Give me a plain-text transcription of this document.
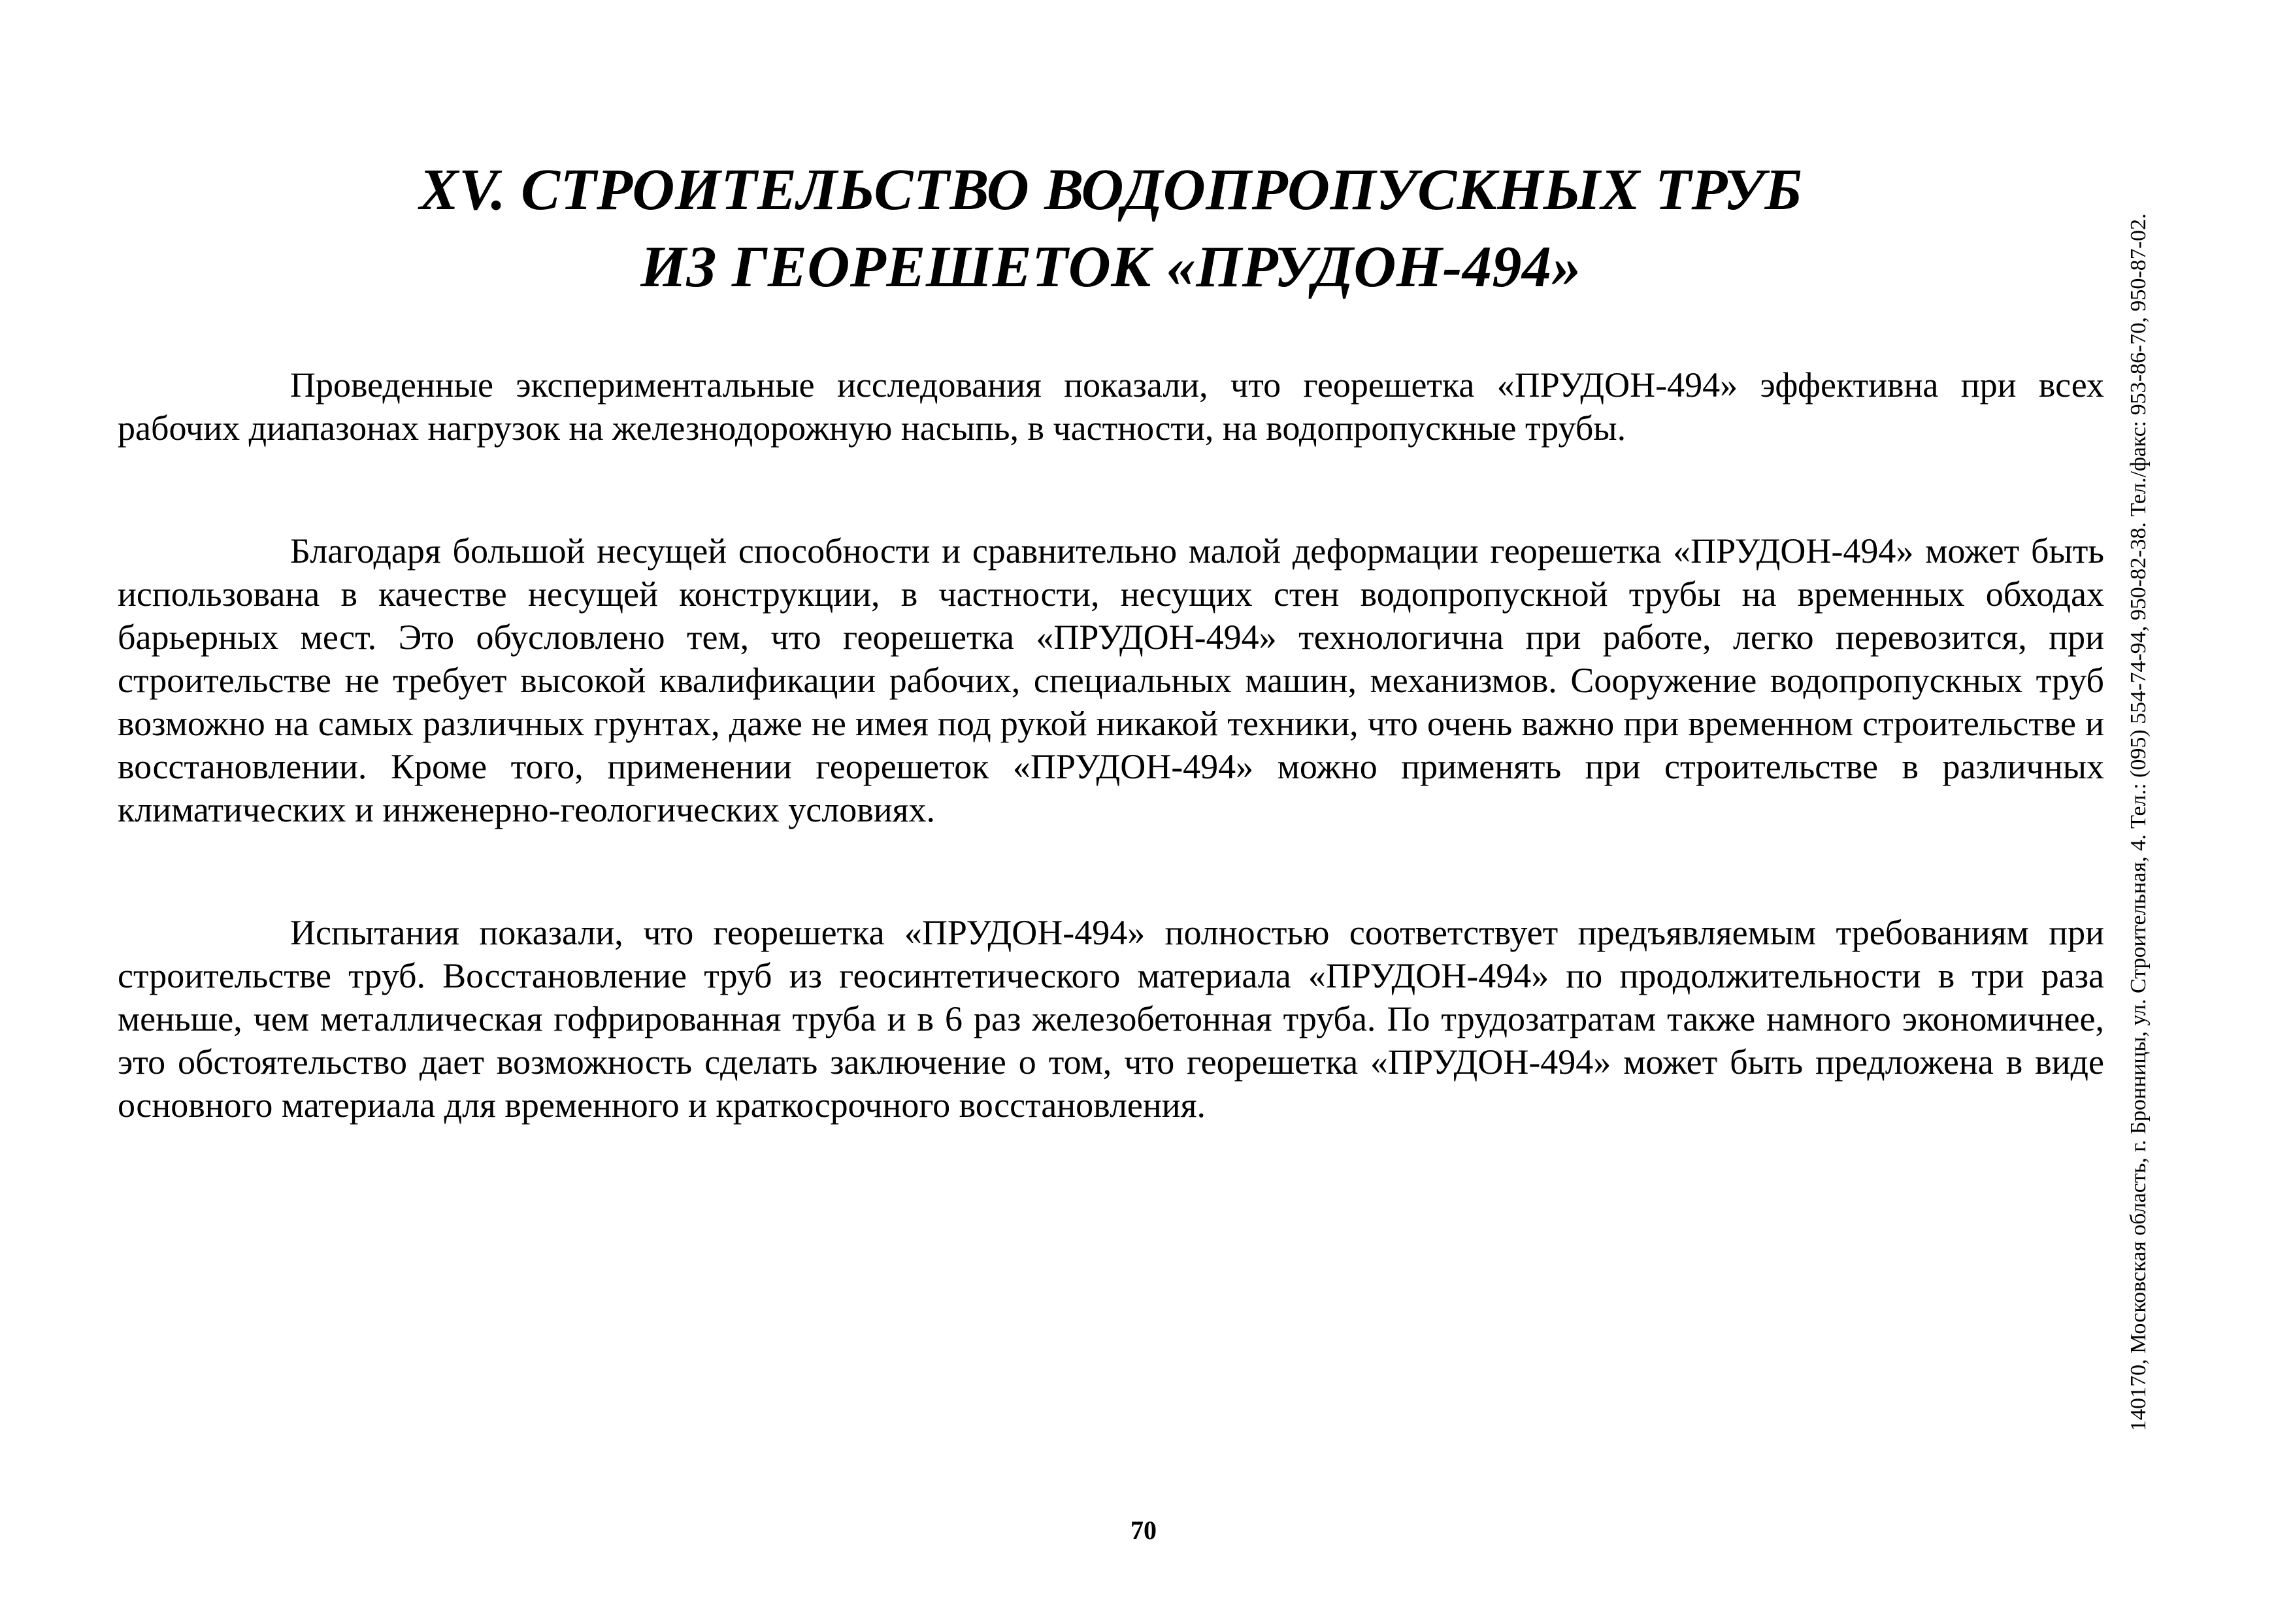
XV. СТРОИТЕЛЬСТВО ВОДОПРОПУСКНЫХ ТРУБ
ИЗ ГЕОРЕШЕТОК «ПРУДОН-494»

Проведенные экспериментальные исследования показали, что георешетка «ПРУДОН-494» эффективна при всех рабочих диапазонах нагрузок на железнодорожную насыпь, в частности, на водопропускные трубы.

Благодаря большой несущей способности и сравнительно малой деформации георешетка «ПРУДОН-494» может быть использована в качестве несущей конструкции, в частности, несущих стен водопропускной трубы на временных обходах барьерных мест. Это обусловлено тем, что георешетка «ПРУДОН-494» технологична при работе, легко перевозится, при строительстве не требует высокой квалификации рабочих, специальных машин, механизмов. Сооружение водопропускных труб возможно на самых различных грунтах, даже не имея под рукой никакой техники, что очень важно при временном строительстве и восстановлении. Кроме того, применении георешеток «ПРУДОН-494» можно применять при строительстве в различных климатических и инженерно-геологических условиях.

Испытания показали, что георешетка «ПРУДОН-494» полностью соответствует предъявляемым требованиям при строительстве труб. Восстановление труб из геосинтетического материала «ПРУДОН-494» по продолжительности в три раза меньше, чем металлическая гофрированная труба и в 6 раз железобетонная труба. По трудозатратам также намного экономичнее, это обстоятельство дает возможность сделать заключение о том, что георешетка «ПРУДОН-494» может быть предложена в виде основного материала для временного и краткосрочного восстановления.	140170, Московская область, г. Бронницы, ул. Строительная, 4. Тел.: (095) 554-74-94, 950-82-38. Тел./факс: 953-86-70, 950-87-02.

70
